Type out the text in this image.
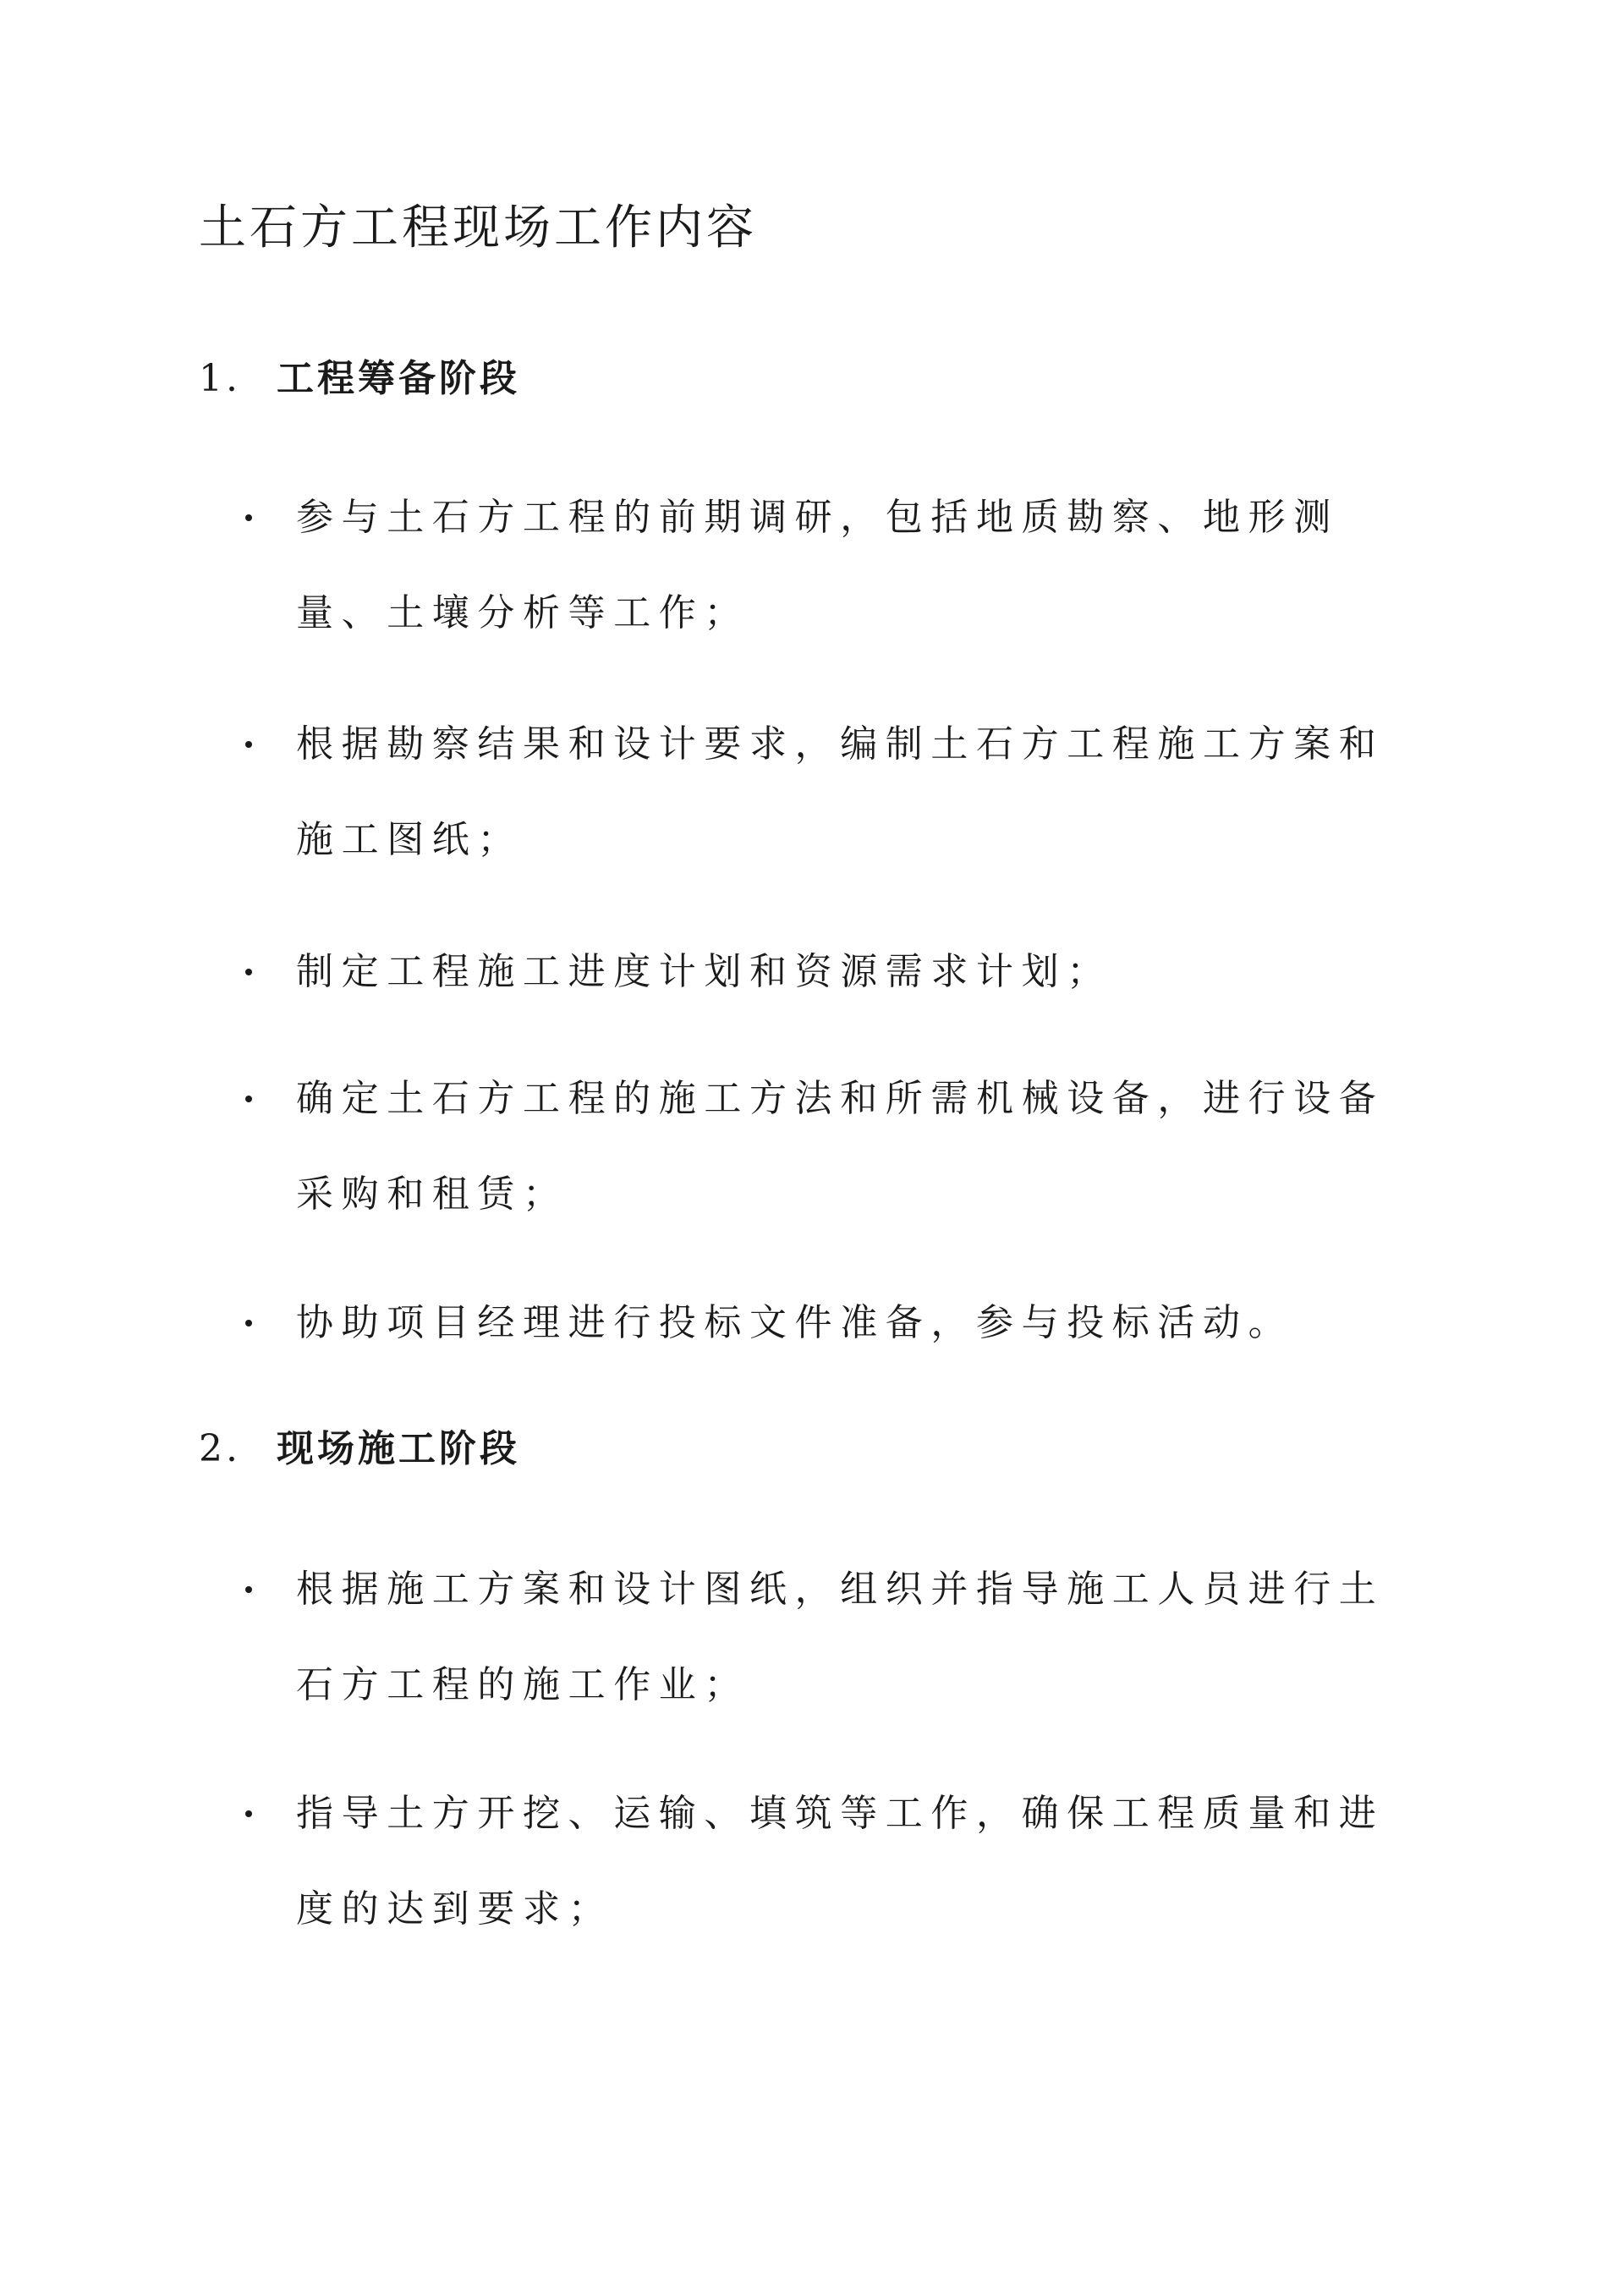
土石方工程现场工作内容
1. 工程筹备阶段
参与土石方工程的前期调研，包括地质勘察、地形测量、土壤分析等工作；
根据勘察结果和设计要求，编制土石方工程施工方案和施工图纸；
制定工程施工进度计划和资源需求计划；
确定土石方工程的施工方法和所需机械设备，进行设备采购和租赁；
协助项目经理进行投标文件准备，参与投标活动。
2. 现场施工阶段
根据施工方案和设计图纸，组织并指导施工人员进行土石方工程的施工作业；
指导土方开挖、运输、填筑等工作，确保工程质量和进度的达到要求；
